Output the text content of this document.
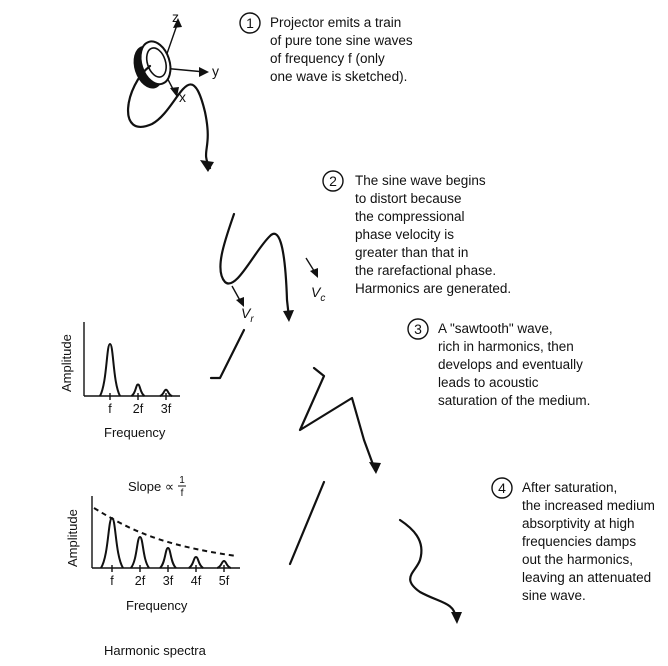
z
y
x
$V_r$
$V_c$
1
2
3
4
Projector emits a train of pure tone sine waves of frequency f (only one wave is sketched).
The sine wave begins to distort because the compressional phase velocity is greater than that in the rarefactional phase. Harmonics are generated.
A "sawtooth" wave, rich in harmonics, then develops and eventually leads to acoustic saturation of the medium.
After saturation, the increased medium absorptivity at high frequencies damps out the harmonics, leaving an attenuated sine wave.
Amplitude
Frequency
f 2f 3f
Slope ∝ 1
f
Amplitude
Frequency
f 2f 3f 4f 5f
Harmonic spectra
